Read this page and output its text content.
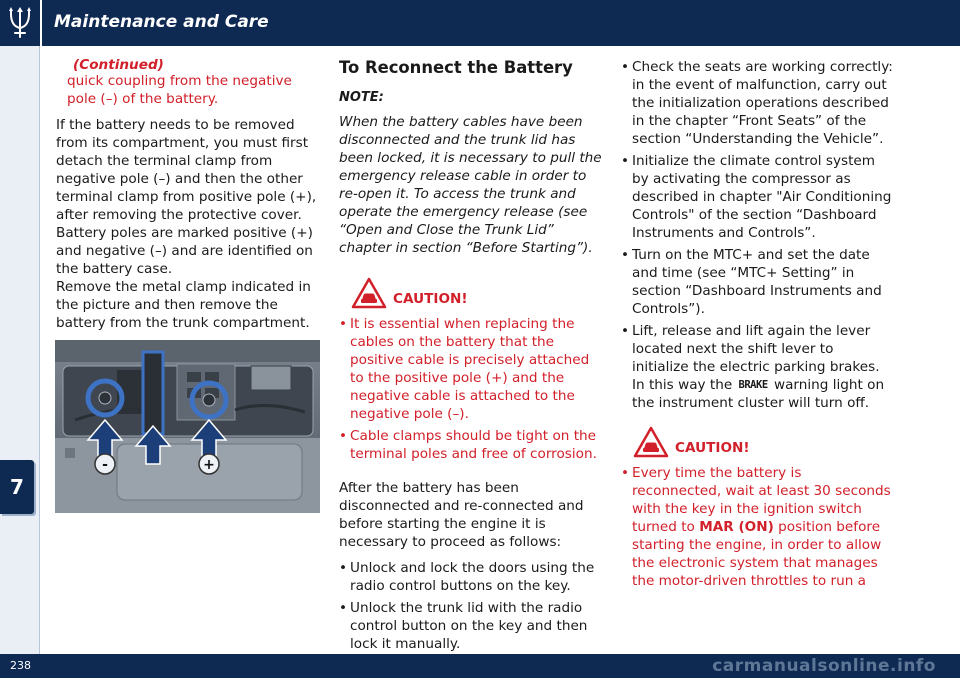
Maintenance and Care
7
(Continued)

quick coupling from the negative pole (–) of the battery.

If the battery needs to be removed from its compartment, you must first detach the terminal clamp from negative pole (–) and then the other terminal clamp from positive pole (+), after removing the protective cover.

Battery poles are marked positive (+) and negative (–) and are identified on the battery case.

Remove the metal clamp indicated in the picture and then remove the battery from the trunk compartment.

-	+
To Reconnect the Battery
NOTE:

When the battery cables have been disconnected and the trunk lid has been locked, it is necessary to pull the emergency release cable in order to re-open it. To access the trunk and operate the emergency release (see “Open and Close the Trunk Lid” chapter in section “Before Starting”).

CAUTION!
• It is essential when replacing the cables on the battery that the positive cable is precisely attached to the positive pole (+) and the negative cable is attached to the negative pole (–).
• Cable clamps should be tight on the terminal poles and free of corrosion.

After the battery has been disconnected and re-connected and before starting the engine it is necessary to proceed as follows:

• Unlock and lock the doors using the radio control buttons on the key.
• Unlock the trunk lid with the radio control button on the key and then lock it manually.
• Check the seats are working correctly: in the event of malfunction, carry out the initialization operations described in the chapter “Front Seats” of the section “Understanding the Vehicle”.
• Initialize the climate control system by activating the compressor as described in chapter "Air Conditioning Controls" of the section “Dashboard Instruments and Controls”.
• Turn on the MTC+ and set the date and time (see “MTC+ Setting” in section “Dashboard Instruments and Controls”).
• Lift, release and lift again the lever located next the shift lever to initialize the electric parking brakes. In this way the BRAKE warning light on the instrument cluster will turn off.
CAUTION!
• Every time the battery is reconnected, wait at least 30 seconds with the key in the ignition switch turned to MAR (ON) position before starting the engine, in order to allow the electronic system that manages the motor-driven throttles to run a
238	carmanualsonline.info
